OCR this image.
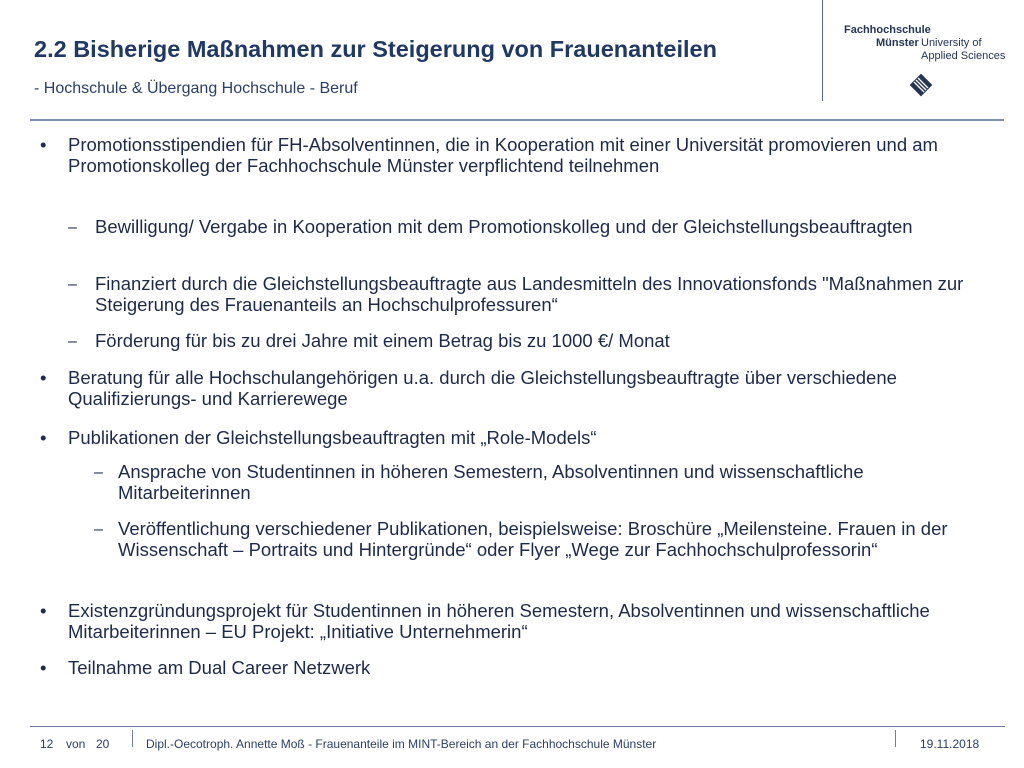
2.2 Bisherige Maßnahmen zur Steigerung von Frauenanteilen
- Hochschule & Übergang Hochschule - Beruf
Fachhochschule
Münster University of
Applied Sciences
• Promotionsstipendien für FH-Absolventinnen, die in Kooperation mit einer Universität promovieren und am Promotionskolleg der Fachhochschule Münster verpflichtend teilnehmen
– Bewilligung/ Vergabe in Kooperation mit dem Promotionskolleg und der Gleichstellungsbeauftragten
– Finanziert durch die Gleichstellungsbeauftragte aus Landesmitteln des Innovationsfonds "Maßnahmen zur Steigerung des Frauenanteils an Hochschulprofessuren“
– Förderung für bis zu drei Jahre mit einem Betrag bis zu 1000 €/ Monat
• Beratung für alle Hochschulangehörigen u.a. durch die Gleichstellungsbeauftragte über verschiedene Qualifizierungs- und Karrierewege
• Publikationen der Gleichstellungsbeauftragten mit „Role-Models“
– Ansprache von Studentinnen in höheren Semestern, Absolventinnen und wissenschaftliche Mitarbeiterinnen
– Veröffentlichung verschiedener Publikationen, beispielsweise: Broschüre „Meilensteine. Frauen in der Wissenschaft – Portraits und Hintergründe“ oder Flyer „Wege zur Fachhochschulprofessorin“
• Existenzgründungsprojekt für Studentinnen in höheren Semestern, Absolventinnen und wissenschaftliche Mitarbeiterinnen – EU Projekt: „Initiative Unternehmerin“
• Teilnahme am Dual Career Netzwerk
12 von 20	Dipl.-Oecotroph. Annette Moß - Frauenanteile im MINT-Bereich an der Fachhochschule Münster	19.11.2018
